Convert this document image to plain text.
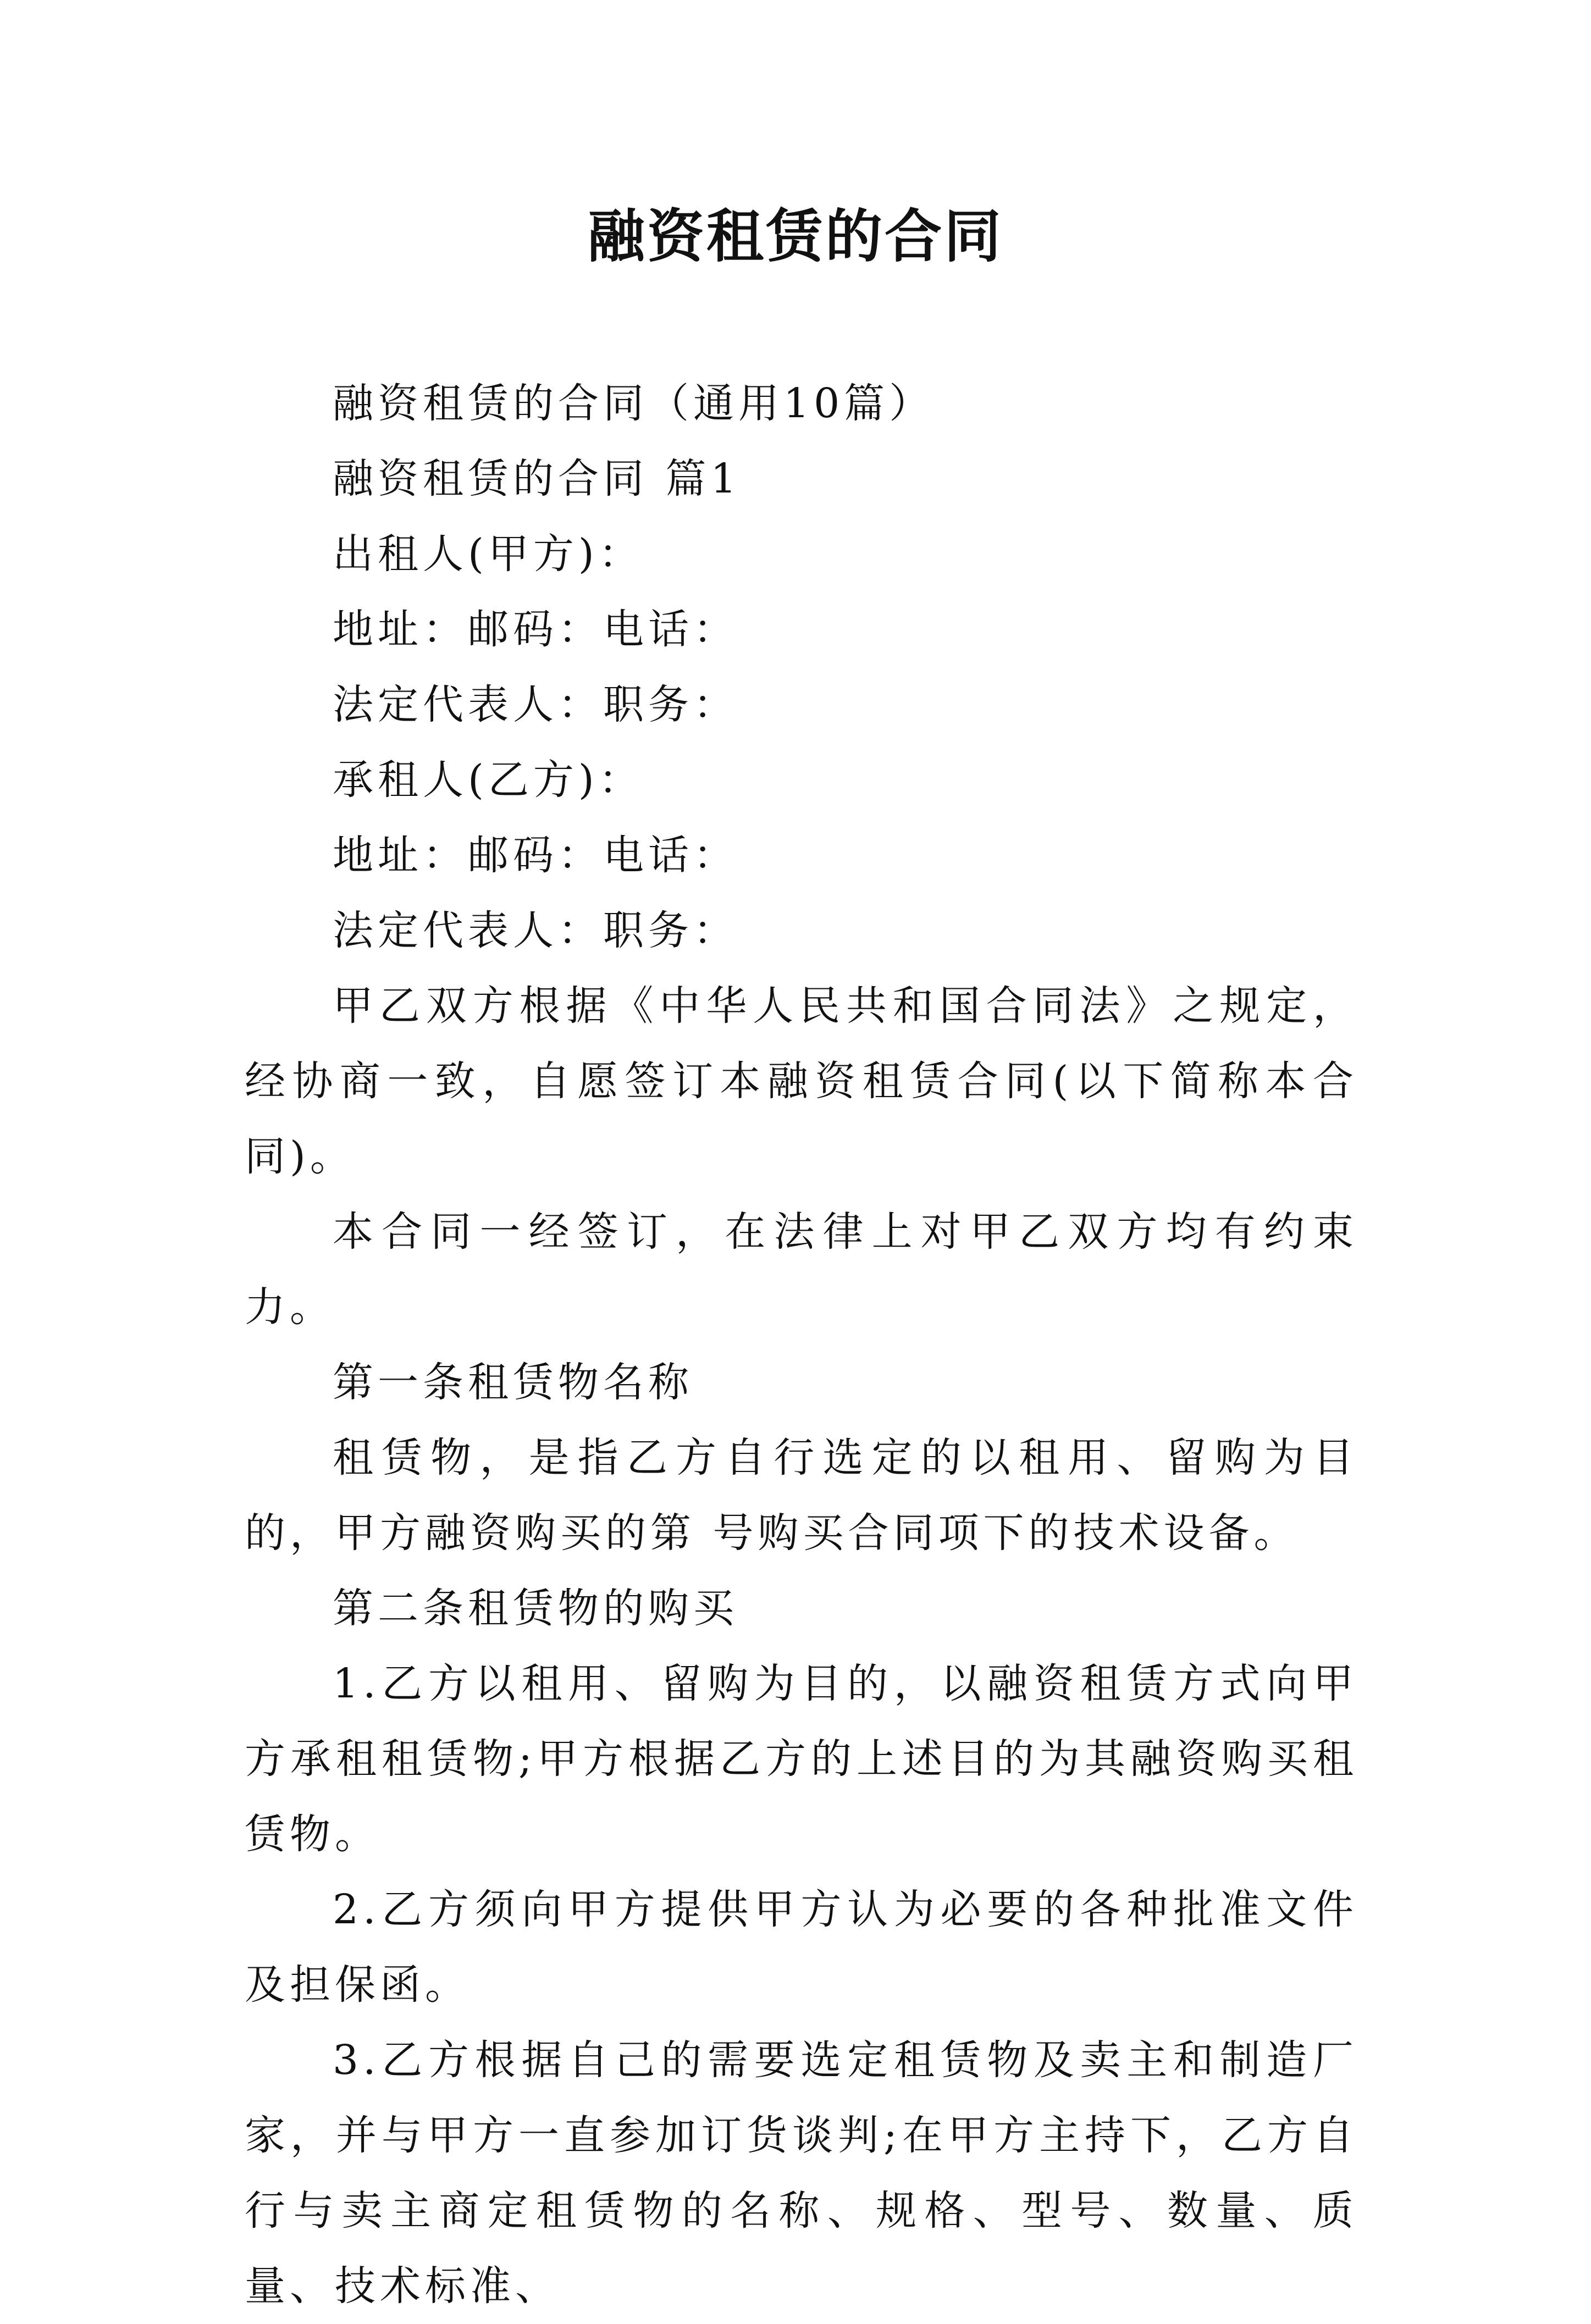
融资租赁的合同

融资租赁的合同（通用10篇）

融资租赁的合同 篇1

出租人(甲方)：

地址：邮码：电话：

法定代表人：职务：

承租人(乙方)：

地址：邮码：电话：

法定代表人：职务：

甲乙双方根据《中华人民共和国合同法》之规定，经协商一致，自愿签订本融资租赁合同(以下简称本合同)。

本合同一经签订，在法律上对甲乙双方均有约束力。

第一条租赁物名称

租赁物，是指乙方自行选定的以租用、留购为目的，甲方融资购买的第 号购买合同项下的技术设备。

第二条租赁物的购买

1.乙方以租用、留购为目的，以融资租赁方式向甲方承租租赁物;甲方根据乙方的上述目的为其融资购买租赁物。

2.乙方须向甲方提供甲方认为必要的各种批准文件及担保函。

3.乙方根据自己的需要选定租赁物及卖主和制造厂家，并与甲方一直参加订货谈判;在甲方主持下，乙方自行与卖主商定租赁物的名称、规格、型号、数量、质量、技术标准、
